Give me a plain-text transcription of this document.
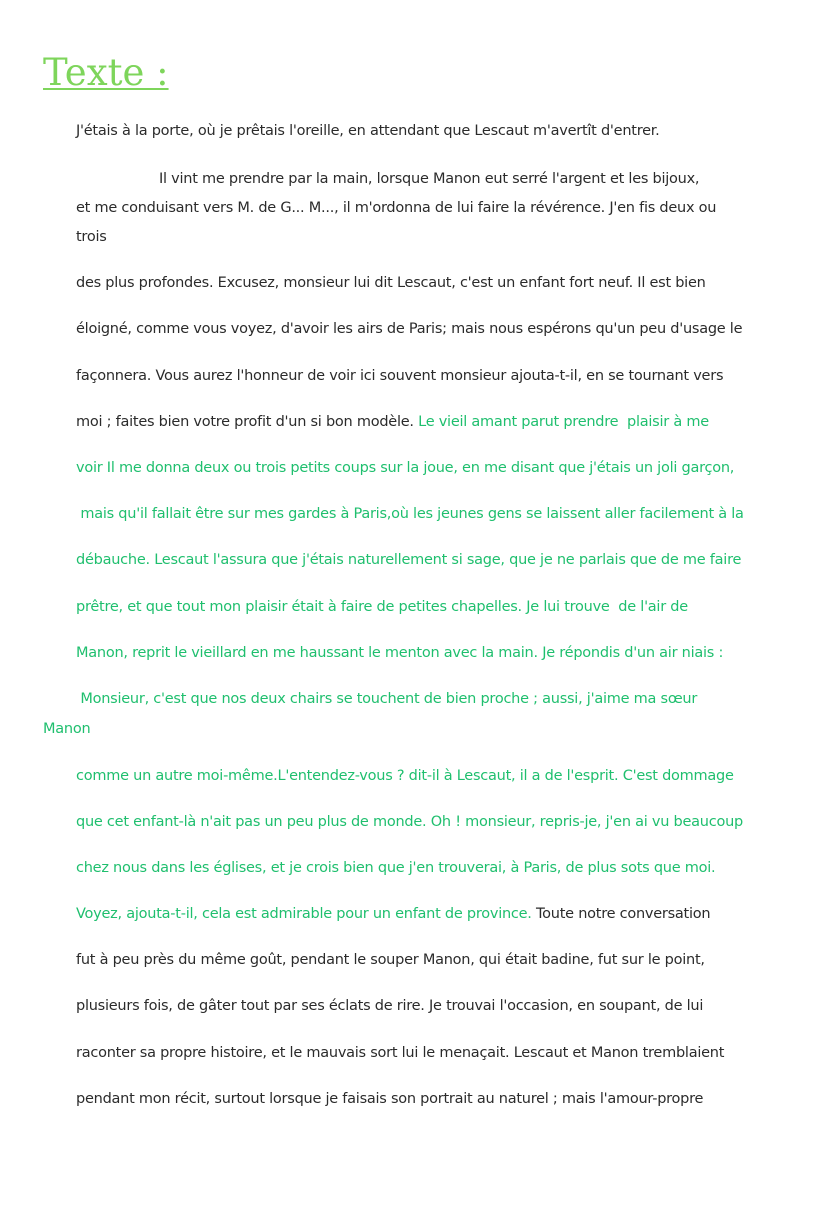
Texte :

J'étais à la porte, où je prêtais l'oreille, en attendant que Lescaut m'avertît d'entrer.

Il vint me prendre par la main, lorsque Manon eut serré l'argent et les bijoux,

et me conduisant vers M. de G... M..., il m'ordonna de lui faire la révérence. J'en fis deux ou

trois

des plus profondes. Excusez, monsieur lui dit Lescaut, c'est un enfant fort neuf. Il est bien

éloigné, comme vous voyez, d'avoir les airs de Paris; mais nous espérons qu'un peu d'usage le

façonnera. Vous aurez l'honneur de voir ici souvent monsieur ajouta-t-il, en se tournant vers

moi ; faites bien votre profit d'un si bon modèle. Le vieil amant parut prendre  plaisir à me

voir Il me donna deux ou trois petits coups sur la joue, en me disant que j'étais un joli garçon,

mais qu'il fallait être sur mes gardes à Paris,où les jeunes gens se laissent aller facilement à la

débauche. Lescaut l'assura que j'étais naturellement si sage, que je ne parlais que de me faire

prêtre, et que tout mon plaisir était à faire de petites chapelles. Je lui trouve  de l'air de

Manon, reprit le vieillard en me haussant le menton avec la main. Je répondis d'un air niais :

Monsieur, c'est que nos deux chairs se touchent de bien proche ; aussi, j'aime ma sœur

Manon

comme un autre moi-même.L'entendez-vous ? dit-il à Lescaut, il a de l'esprit. C'est dommage

que cet enfant-là n'ait pas un peu plus de monde. Oh ! monsieur, repris-je, j'en ai vu beaucoup

chez nous dans les églises, et je crois bien que j'en trouverai, à Paris, de plus sots que moi.

Voyez, ajouta-t-il, cela est admirable pour un enfant de province. Toute notre conversation

fut à peu près du même goût, pendant le souper Manon, qui était badine, fut sur le point,

plusieurs fois, de gâter tout par ses éclats de rire. Je trouvai l'occasion, en soupant, de lui

raconter sa propre histoire, et le mauvais sort lui le menaçait. Lescaut et Manon tremblaient

pendant mon récit, surtout lorsque je faisais son portrait au naturel ; mais l'amour-propre
